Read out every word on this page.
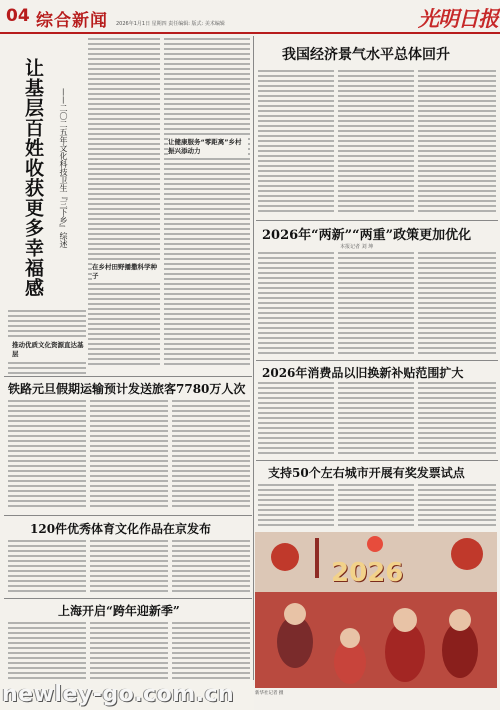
04 综合新闻 2026年1月1日 星期四 责任编辑: 版式: 美术编辑	光明日报
让基层百姓收获更多幸福感 ——二〇二五年文化科技卫生『三下乡』综述
推动优质文化资源直达基层
在乡村田野播撒科学种子
让健康服务“零距离”乡村振兴添动力
铁路元旦假期运输预计发送旅客7780万人次
120件优秀体育文化作品在京发布
上海开启“跨年迎新季”
我国经济景气水平总体回升
2026年“两新”“两重”政策更加优化
本报记者 刘 坤
2026年消费品以旧换新补贴范围扩大
支持50个左右城市开展有奖发票试点
2026
新华社记者 摄
newley-go.com.cn
